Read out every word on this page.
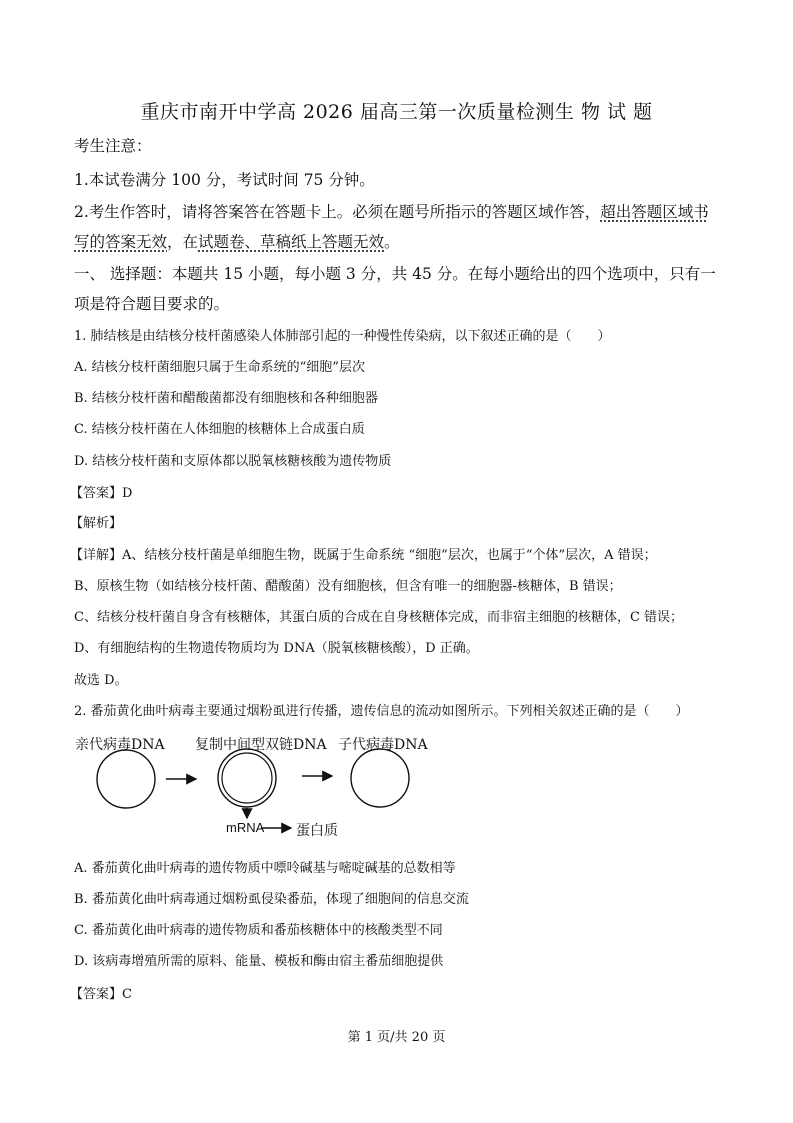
重庆市南开中学高 2026 届高三第一次质量检测生 物 试 题
考生注意：
1.本试卷满分 100 分，考试时间 75 分钟。
2.考生作答时，请将答案答在答题卡上。必须在题号所指示的答题区域作答，超出答题区域书
写的答案无效，在试题卷、草稿纸上答题无效。
一、 选择题：本题共 15 小题，每小题 3 分，共 45 分。在每小题给出的四个选项中，只有一
项是符合题目要求的。
1. 肺结核是由结核分枝杆菌感染人体肺部引起的一种慢性传染病，以下叙述正确的是（　　）
A. 结核分枝杆菌细胞只属于生命系统的“细胞”层次
B. 结核分枝杆菌和醋酸菌都没有细胞核和各种细胞器
C. 结核分枝杆菌在人体细胞的核糖体上合成蛋白质
D. 结核分枝杆菌和支原体都以脱氧核糖核酸为遗传物质
【答案】D
【解析】
【详解】A、结核分枝杆菌是单细胞生物，既属于生命系统 “细胞”层次，也属于“个体”层次，A 错误；
B、原核生物（如结核分枝杆菌、醋酸菌）没有细胞核，但含有唯一的细胞器-核糖体，B 错误；
C、结核分枝杆菌自身含有核糖体，其蛋白质的合成在自身核糖体完成，而非宿主细胞的核糖体，C 错误；
D、有细胞结构的生物遗传物质均为 DNA（脱氧核糖核酸），D 正确。
故选 D。
2. 番茄黄化曲叶病毒主要通过烟粉虱进行传播，遗传信息的流动如图所示。下列相关叙述正确的是（　　）
亲代病毒DNA 复制中间型双链DNA 子代病毒DNA
mRNA 蛋白质
A. 番茄黄化曲叶病毒的遗传物质中嘌呤碱基与嘧啶碱基的总数相等
B. 番茄黄化曲叶病毒通过烟粉虱侵染番茄，体现了细胞间的信息交流
C. 番茄黄化曲叶病毒的遗传物质和番茄核糖体中的核酸类型不同
D. 该病毒增殖所需的原料、能量、模板和酶由宿主番茄细胞提供
【答案】C
第 1 页/共 20 页
